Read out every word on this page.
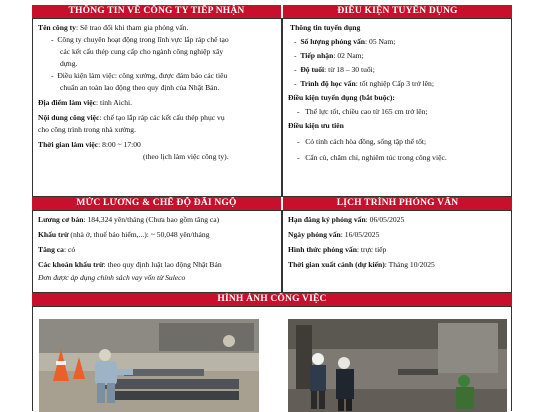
THÔNG TIN VỀ CÔNG TY TIẾP NHẬN	ĐIỀU KIỆN TUYỂN DỤNG
MỨC LƯƠNG & CHẾ ĐỘ ĐÃI NGỘ	LỊCH TRÌNH PHỎNG VẤN
HÌNH ẢNH CÔNG VIỆC
Tên công ty: Sẽ trao đổi khi tham gia phỏng vấn.
-  Công ty chuyên hoạt động trong lĩnh vực lắp ráp chế tạo
các kết cấu thép cung cấp cho ngành công nghiệp xây
dựng.
-  Điều kiện làm việc: công xưởng, được đảm bảo các tiêu
chuẩn an toàn lao động theo quy định của Nhật Bản.
Địa điểm làm việc: tỉnh Aichi.
Nội dung công việc: chế tạo lắp ráp các kết cấu thép phục vụ
cho công trình trong nhà xưởng.
Thời gian làm việc: 8:00 ~ 17:00
(theo lịch làm việc công ty).
Thông tin tuyển dụng
-  Số lượng phỏng vấn: 05 Nam;
-  Tiếp nhận: 02 Nam;
-  Độ tuổi: từ 18 – 30 tuổi;
-  Trình độ học vấn: tốt nghiệp Cấp 3 trở lên;
Điều kiện tuyển dụng (bắt buộc):
-   Thể lực tốt, chiều cao từ 165 cm trở lên;
Điều kiện ưu tiên
-   Có tính cách hòa đồng, sống tập thể tốt;
-   Cẩn cù, chăm chỉ, nghiêm túc trong công việc.
Lương cơ bản: 184,324 yên/tháng (Chưa bao gồm tăng ca)
Khấu trừ (nhà ở, thuế bảo hiểm,...): ~ 50,048 yên/tháng
Tăng ca: có
Các khoản khấu trừ: theo quy định luật lao động Nhật Bản
Đơn được áp dụng chính sách vay vốn từ Suleco
Hạn đăng ký phỏng vấn: 06/05/2025
Ngày phỏng vấn: 16/05/2025
Hình thức phỏng vấn: trực tiếp
Thời gian xuất cảnh (dự kiến): Tháng 10/2025
